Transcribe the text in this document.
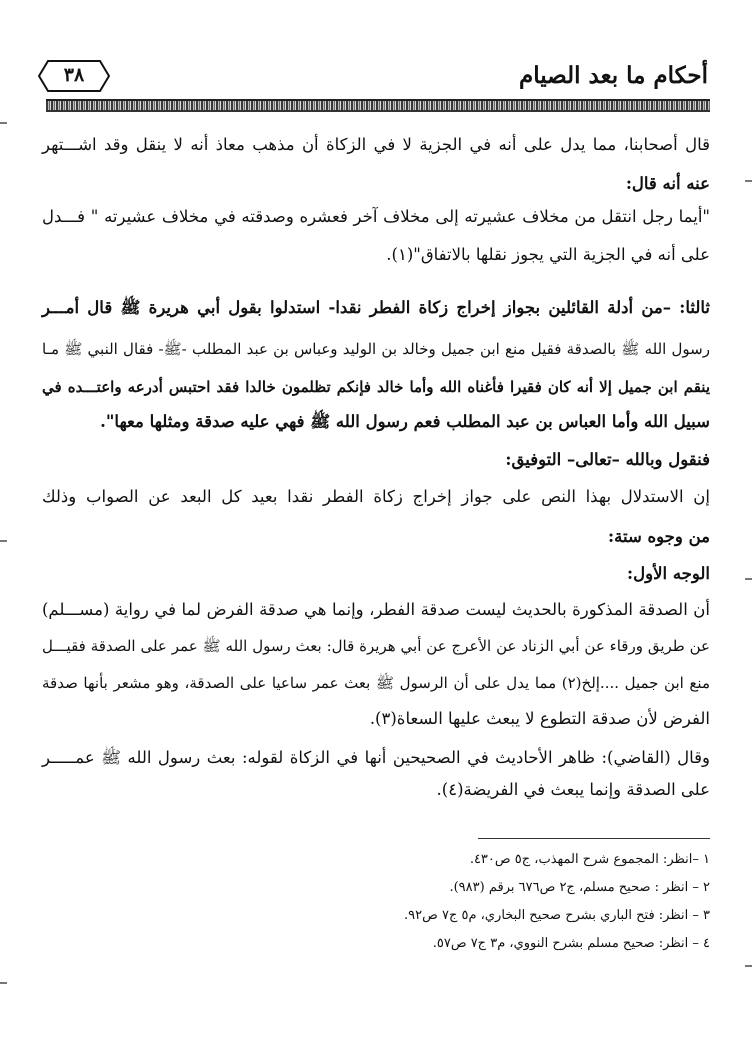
أحكام ما بعد الصيام
٣٨
قال أصحابنا، مما يدل على أنه في الجزية لا في الزكاة أن مذهب معاذ أنه لا ينقل وقد اشـــتهر
عنه أنه قال:
"أيما رجل انتقل من مخلاف عشيرته إلى مخلاف آخر فعشره وصدقته في مخلاف عشيرته " فـــدل
على أنه في الجزية التي يجوز نقلها بالاتفاق"(١).
ثالثا: –من أدلة القائلين بجواز إخراج زكاة الفطر نقدا- استدلوا بقول أبي هريرة ﷺ قال أمـــر
رسول الله ﷺ بالصدقة فقيل منع ابن جميل وخالد بن الوليد وعباس بن عبد المطلب -ﷺ- فقال النبي ﷺ مـا
ينقم ابن جميل إلا أنه كان فقيرا فأغناه الله وأما خالد فإنكم تظلمون خالدا فقد احتبس أدرعه واعتـــده في
سبيل الله وأما العباس بن عبد المطلب فعم رسول الله ﷺ فهي عليه صدقة ومثلها معها".
فنقول وبالله –تعالى– التوفيق:
إن الاستدلال بهذا النص على جواز إخراج زكاة الفطر نقدا بعيد كل البعد عن الصواب وذلك
من وجوه ستة:
الوجه الأول:
أن الصدقة المذكورة بالحديث ليست صدقة الفطر، وإنما هي صدقة الفرض لما في رواية (مســـلم)
عن طريق ورقاء عن أبي الزناد عن الأعرج عن أبي هريرة قال: بعث رسول الله ﷺ عمر على الصدقة فقيـــل
منع ابن جميل ....إلخ(٢) مما يدل على أن الرسول ﷺ بعث عمر ساعيا على الصدقة، وهو مشعر بأنها صدقة
الفرض لأن صدقة التطوع لا يبعث عليها السعاة(٣).
وقال (القاضي): ظاهر الأحاديث في الصحيحين أنها في الزكاة لقوله: بعث رسول الله ﷺ عمـــــر
على الصدقة وإنما يبعث في الفريضة(٤).
١ –انظر: المجموع شرح المهذب، ج٥ ص٤٣٠.
٢ – انظر : صحيح مسلم، ج٢ ص٦٧٦ برقم (٩٨٣).
٣ – انظر: فتح الباري بشرح صحيح البخاري، م٥ ج٧ ص٩٢.
٤ – انظر: صحيح مسلم بشرح النووي، م٣ ج٧ ص٥٧.
